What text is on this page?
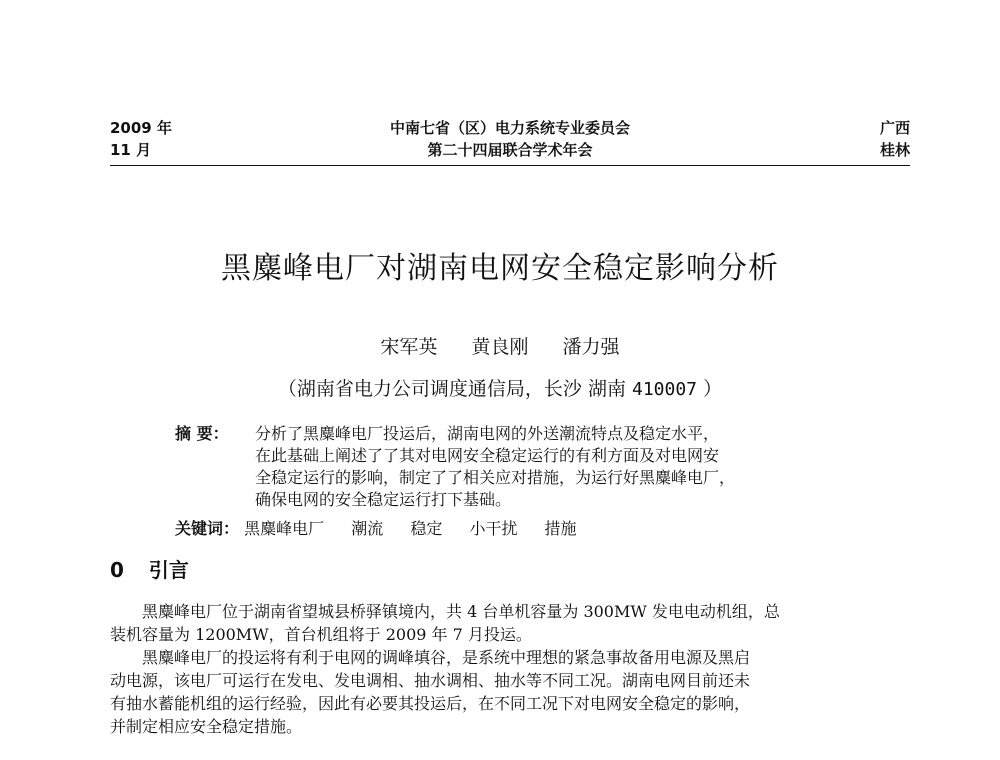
2009 年
11 月
中南七省（区）电力系统专业委员会
第二十四届联合学术年会
广西
桂林
黑麋峰电厂对湖南电网安全稳定影响分析
宋军英 黄良刚 潘力强
（湖南省电力公司调度通信局，长沙 湖南 410007 ）
摘 要： 分析了黑麋峰电厂投运后，湖南电网的外送潮流特点及稳定水平，
在此基础上阐述了了其对电网安全稳定运行的有利方面及对电网安
全稳定运行的影响，制定了了相关应对措施，为运行好黑麋峰电厂，
确保电网的安全稳定运行打下基础。
关键词： 黑麋峰电厂 潮流 稳定 小干扰 措施
0 引言
黑麋峰电厂位于湖南省望城县桥驿镇境内，共 4 台单机容量为 300MW 发电电动机组，总
装机容量为 1200MW，首台机组将于 2009 年 7 月投运。
黑麋峰电厂的投运将有利于电网的调峰填谷，是系统中理想的紧急事故备用电源及黑启
动电源，该电厂可运行在发电、发电调相、抽水调相、抽水等不同工况。湖南电网目前还未
有抽水蓄能机组的运行经验，因此有必要其投运后，在不同工况下对电网安全稳定的影响，
并制定相应安全稳定措施。
